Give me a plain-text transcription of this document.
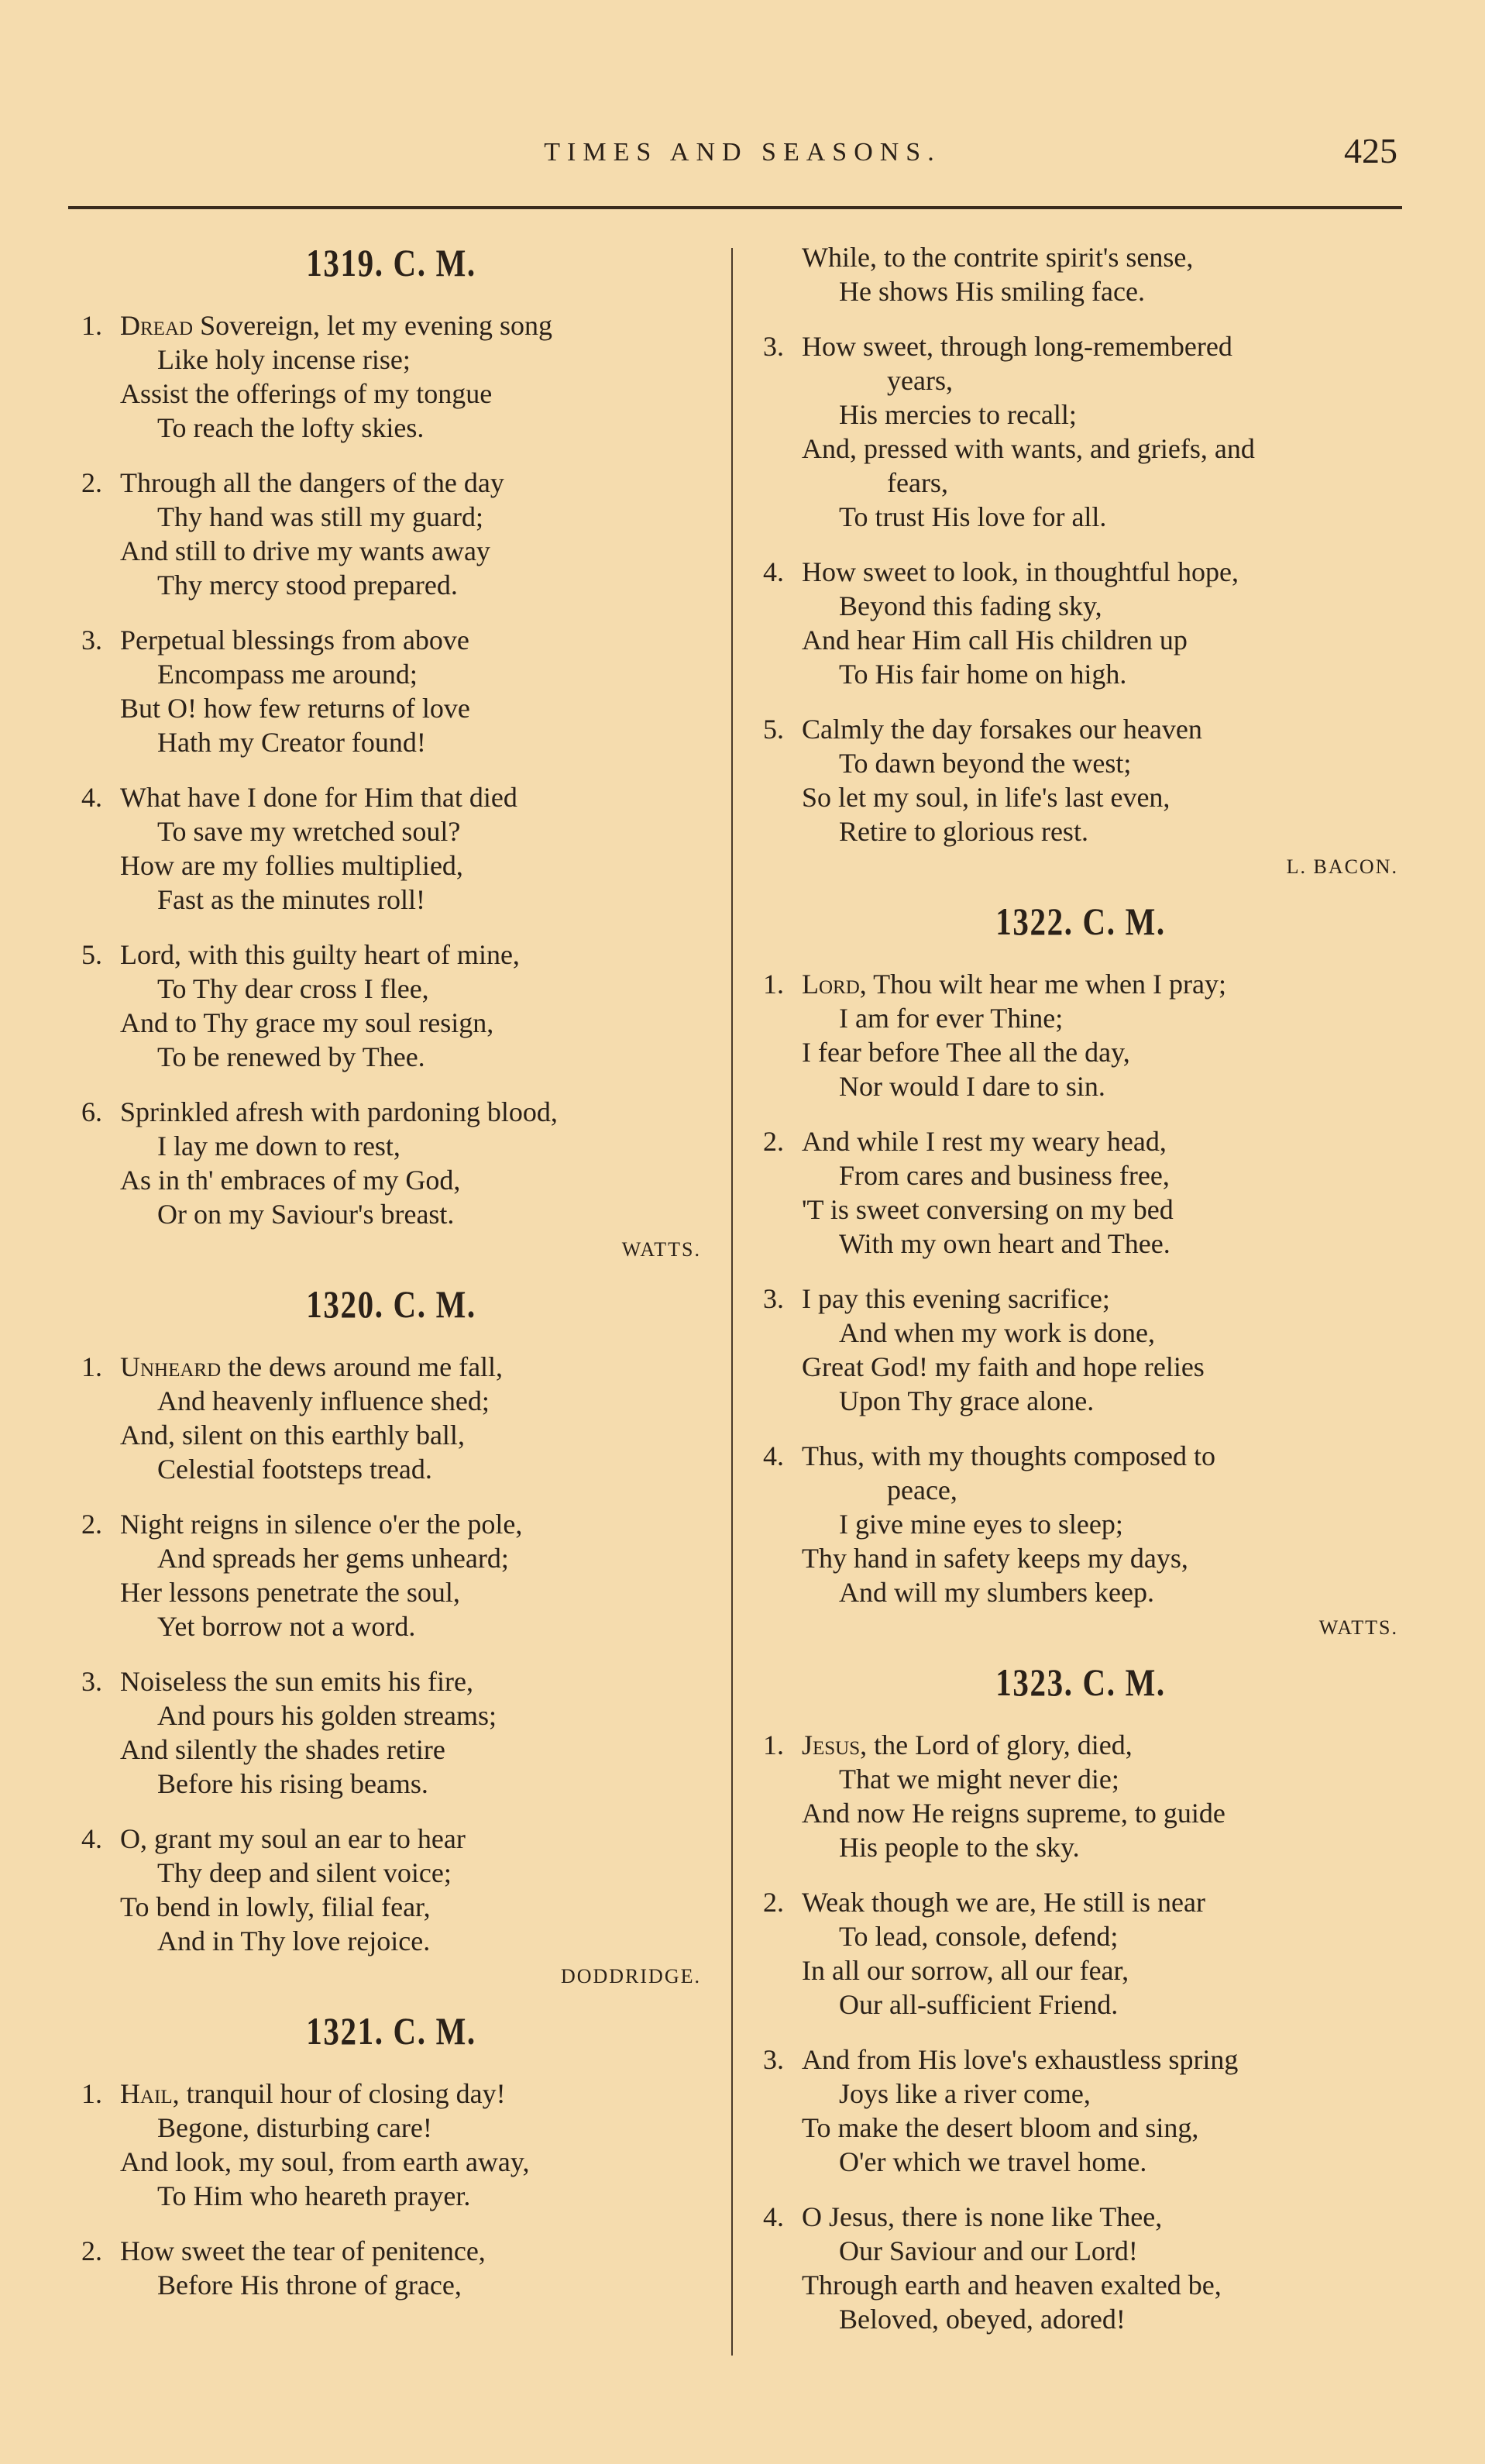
TIMES AND SEASONS.	425
1319. C. M.
1. Dread Sovereign, let my evening song
Like holy incense rise;
Assist the offerings of my tongue
To reach the lofty skies.
2. Through all the dangers of the day
Thy hand was still my guard;
And still to drive my wants away
Thy mercy stood prepared.
3. Perpetual blessings from above
Encompass me around;
But O! how few returns of love
Hath my Creator found!
4. What have I done for Him that died
To save my wretched soul?
How are my follies multiplied,
Fast as the minutes roll!
5. Lord, with this guilty heart of mine,
To Thy dear cross I flee,
And to Thy grace my soul resign,
To be renewed by Thee.
6. Sprinkled afresh with pardoning blood,
I lay me down to rest,
As in th' embraces of my God,
Or on my Saviour's breast.
WATTS.
1320. C. M.
1. Unheard the dews around me fall,
And heavenly influence shed;
And, silent on this earthly ball,
Celestial footsteps tread.
2. Night reigns in silence o'er the pole,
And spreads her gems unheard;
Her lessons penetrate the soul,
Yet borrow not a word.
3. Noiseless the sun emits his fire,
And pours his golden streams;
And silently the shades retire
Before his rising beams.
4. O, grant my soul an ear to hear
Thy deep and silent voice;
To bend in lowly, filial fear,
And in Thy love rejoice.
DODDRIDGE.
1321. C. M.
1. Hail, tranquil hour of closing day!
Begone, disturbing care!
And look, my soul, from earth away,
To Him who heareth prayer.
2. How sweet the tear of penitence,
Before His throne of grace,
While, to the contrite spirit's sense,
He shows His smiling face.
3. How sweet, through long-remembered
years,
His mercies to recall;
And, pressed with wants, and griefs, and
fears,
To trust His love for all.
4. How sweet to look, in thoughtful hope,
Beyond this fading sky,
And hear Him call His children up
To His fair home on high.
5. Calmly the day forsakes our heaven
To dawn beyond the west;
So let my soul, in life's last even,
Retire to glorious rest.
L. BACON.
1322. C. M.
1. Lord, Thou wilt hear me when I pray;
I am for ever Thine;
I fear before Thee all the day,
Nor would I dare to sin.
2. And while I rest my weary head,
From cares and business free,
'T is sweet conversing on my bed
With my own heart and Thee.
3. I pay this evening sacrifice;
And when my work is done,
Great God! my faith and hope relies
Upon Thy grace alone.
4. Thus, with my thoughts composed to
peace,
I give mine eyes to sleep;
Thy hand in safety keeps my days,
And will my slumbers keep.
WATTS.
1323. C. M.
1. Jesus, the Lord of glory, died,
That we might never die;
And now He reigns supreme, to guide
His people to the sky.
2. Weak though we are, He still is near
To lead, console, defend;
In all our sorrow, all our fear,
Our all-sufficient Friend.
3. And from His love's exhaustless spring
Joys like a river come,
To make the desert bloom and sing,
O'er which we travel home.
4. O Jesus, there is none like Thee,
Our Saviour and our Lord!
Through earth and heaven exalted be,
Beloved, obeyed, adored!
